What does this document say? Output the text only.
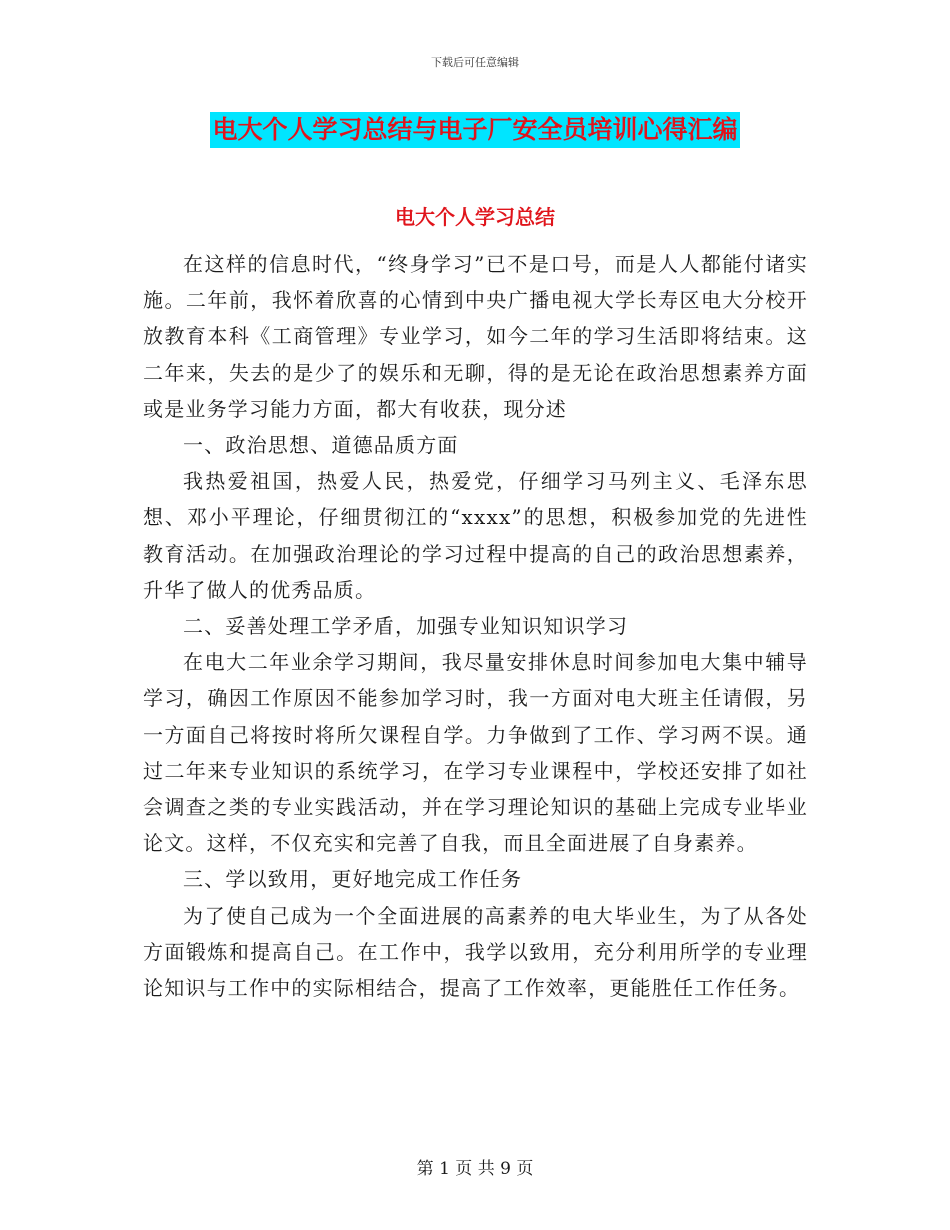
下载后可任意编辑
电大个人学习总结与电子厂安全员培训心得汇编
电大个人学习总结

在这样的信息时代，“终身学习”已不是口号，而是人人都能付诸实施。二年前，我怀着欣喜的心情到中央广播电视大学长寿区电大分校开放教育本科《工商管理》专业学习，如今二年的学习生活即将结束。这二年来，失去的是少了的娱乐和无聊，得的是无论在政治思想素养方面或是业务学习能力方面，都大有收获，现分述

一、政治思想、道德品质方面

我热爱祖国，热爱人民，热爱党，仔细学习马列主义、毛泽东思想、邓小平理论，仔细贯彻江的“xxxx”的思想，积极参加党的先进性教育活动。在加强政治理论的学习过程中提高的自己的政治思想素养，升华了做人的优秀品质。

二、妥善处理工学矛盾，加强专业知识知识学习

在电大二年业余学习期间，我尽量安排休息时间参加电大集中辅导学习，确因工作原因不能参加学习时，我一方面对电大班主任请假，另一方面自己将按时将所欠课程自学。力争做到了工作、学习两不误。通过二年来专业知识的系统学习，在学习专业课程中，学校还安排了如社会调查之类的专业实践活动，并在学习理论知识的基础上完成专业毕业论文。这样，不仅充实和完善了自我，而且全面进展了自身素养。

三、学以致用，更好地完成工作任务

为了使自己成为一个全面进展的高素养的电大毕业生，为了从各处方面锻炼和提高自己。在工作中，我学以致用，充分利用所学的专业理论知识与工作中的实际相结合，提高了工作效率，更能胜任工作任务。

第 1 页 共 9 页
